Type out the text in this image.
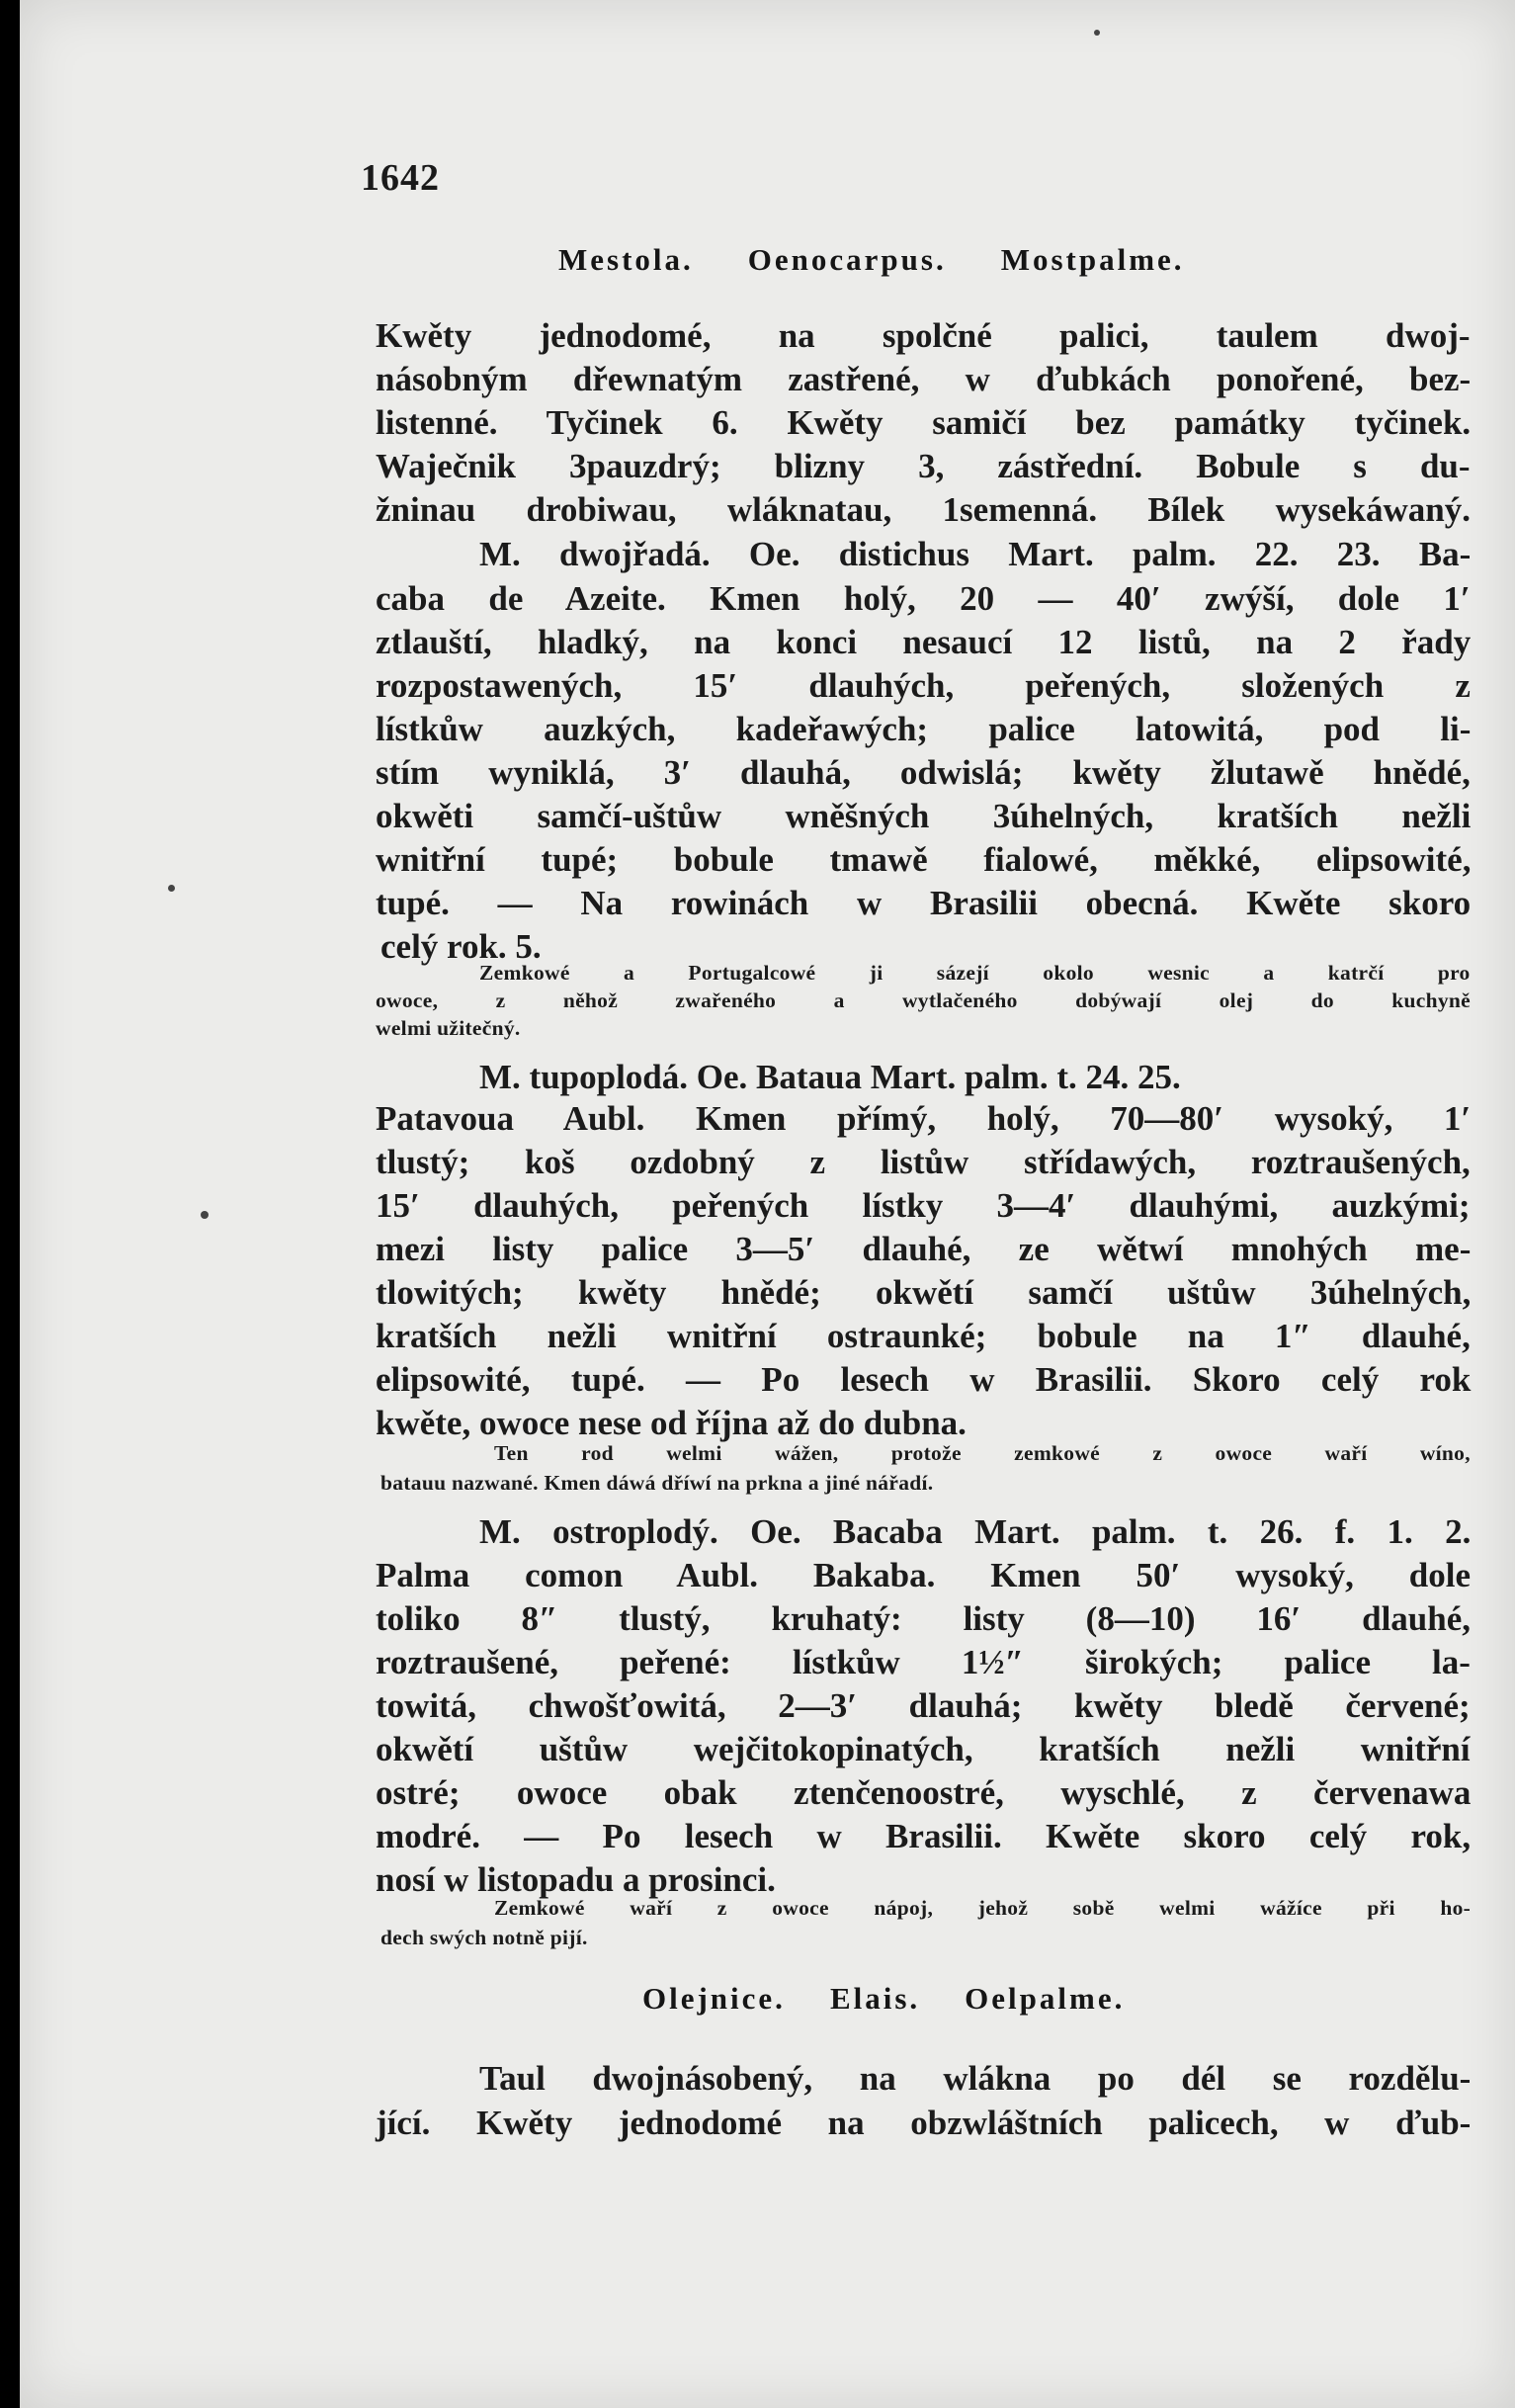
1642
Mestola. Oenocarpus. Mostpalme.
Kwěty jednodomé, na spolčné palici, taulem dwoj-
násobným dřewnatým zastřené, w ďubkách ponořené, bez-
listenné. Tyčinek 6. Kwěty samičí bez památky tyčinek.
Waječnik 3pauzdrý; blizny 3, zástřední. Bobule s du-
žninau drobiwau, wláknatau, 1semenná. Bílek wysekáwaný.
M. dwojřadá. Oe. distichus Mart. palm. 22. 23. Ba-
caba de Azeite. Kmen holý, 20 — 40′ zwýší, dole 1′
ztlauští, hladký, na konci nesaucí 12 listů, na 2 řady
rozpostawených, 15′ dlauhých, peřených, složených z
lístkůw auzkých, kadeřawých; palice latowitá, pod li-
stím wyniklá, 3′ dlauhá, odwislá; kwěty žlutawě hnědé,
okwěti samčí-uštůw wněšných 3úhelných, kratších nežli
wnitřní tupé; bobule tmawě fialowé, měkké, elipsowité,
tupé. — Na rowinách w Brasilii obecná. Kwěte skoro
celý rok. 5.
Zemkowé a Portugalcowé ji sázejí okolo wesnic a katrčí pro
owoce, z něhož zwařeného a wytlačeného dobýwají olej do kuchyně
welmi užitečný.
M. tupoplodá. Oe. Bataua Mart. palm. t. 24. 25.
Patavoua Aubl. Kmen přímý, holý, 70—80′ wysoký, 1′
tlustý; koš ozdobný z listůw střídawých, roztraušených,
15′ dlauhých, peřených lístky 3—4′ dlauhými, auzkými;
mezi listy palice 3—5′ dlauhé, ze wětwí mnohých me-
tlowitých; kwěty hnědé; okwětí samčí uštůw 3úhelných,
kratších nežli wnitřní ostraunké; bobule na 1″ dlauhé,
elipsowité, tupé. — Po lesech w Brasilii. Skoro celý rok
kwěte, owoce nese od října až do dubna.
Ten rod welmi wážen, protože zemkowé z owoce waří wíno,
batauu nazwané. Kmen dáwá dříwí na prkna a jiné nářadí.
M. ostroplodý. Oe. Bacaba Mart. palm. t. 26. f. 1. 2.
Palma comon Aubl. Bakaba. Kmen 50′ wysoký, dole
toliko 8″ tlustý, kruhatý: listy (8—10) 16′ dlauhé,
roztraušené, peřené: lístkůw 1½″ širokých; palice la-
towitá, chwošťowitá, 2—3′ dlauhá; kwěty bledě červené;
okwětí uštůw wejčitokopinatých, kratších nežli wnitřní
ostré; owoce obak ztenčenoostré, wyschlé, z červenawa
modré. — Po lesech w Brasilii. Kwěte skoro celý rok,
nosí w listopadu a prosinci.
Zemkowé waří z owoce nápoj, jehož sobě welmi wážíce při ho-
dech swých notně pijí.
Olejnice. Elais. Oelpalme.
Taul dwojnásobený, na wlákna po dél se rozdělu-
jící. Kwěty jednodomé na obzwláštních palicech, w ďub-
